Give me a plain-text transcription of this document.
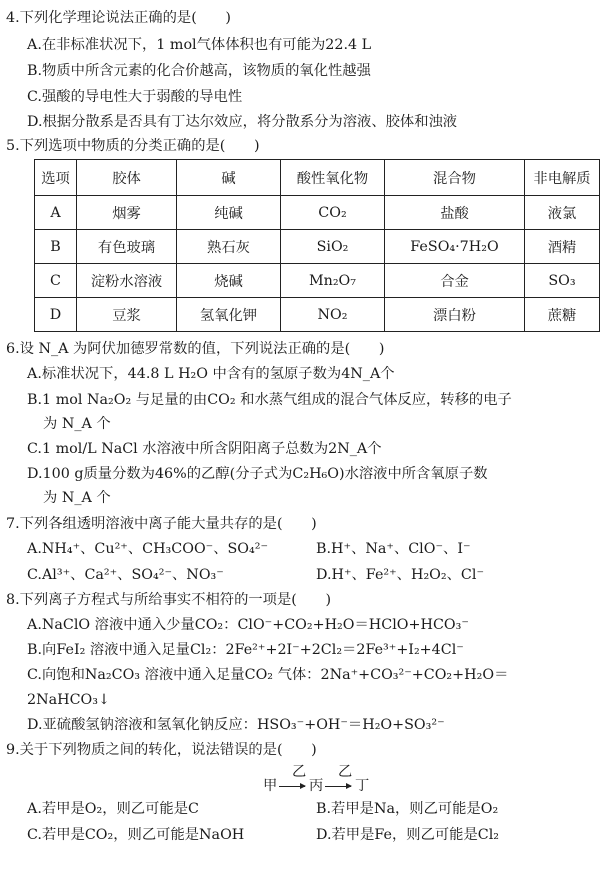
4.下列化学理论说法正确的是(　　)
A.在非标准状况下，1 mol气体体积也有可能为22.4 L
B.物质中所含元素的化合价越高，该物质的氧化性越强
C.强酸的导电性大于弱酸的导电性
D.根据分散系是否具有丁达尔效应，将分散系分为溶液、胶体和浊液
5.下列选项中物质的分类正确的是(　　)
选项	胶体	碱	酸性氧化物	混合物	非电解质
A	烟雾	纯碱	CO₂	盐酸	液氯
B	有色玻璃	熟石灰	SiO₂	FeSO₄·7H₂O	酒精
C	淀粉水溶液	烧碱	Mn₂O₇	合金	SO₃
D	豆浆	氢氧化钾	NO₂	漂白粉	蔗糖
6.设 N_A 为阿伏加德罗常数的值，下列说法正确的是(　　)
A.标准状况下，44.8 L H₂O 中含有的氢原子数为4N_A个
B.1 mol Na₂O₂ 与足量的由CO₂ 和水蒸气组成的混合气体反应，转移的电子
为 N_A 个
C.1 mol/L NaCl 水溶液中所含阴阳离子总数为2N_A个
D.100 g质量分数为46%的乙醇(分子式为C₂H₆O)水溶液中所含氧原子数
为 N_A 个
7.下列各组透明溶液中离子能大量共存的是(　　)
A.NH₄⁺、Cu²⁺、CH₃COO⁻、SO₄²⁻	B.H⁺、Na⁺、ClO⁻、I⁻
C.Al³⁺、Ca²⁺、SO₄²⁻、NO₃⁻	D.H⁺、Fe²⁺、H₂O₂、Cl⁻
8.下列离子方程式与所给事实不相符的一项是(　　)
A.NaClO 溶液中通入少量CO₂：ClO⁻+CO₂+H₂O＝HClO+HCO₃⁻
B.向FeI₂ 溶液中通入足量Cl₂：2Fe²⁺+2I⁻+2Cl₂＝2Fe³⁺+I₂+4Cl⁻
C.向饱和Na₂CO₃ 溶液中通入足量CO₂ 气体：2Na⁺+CO₃²⁻+CO₂+H₂O＝
2NaHCO₃↓
D.亚硫酸氢钠溶液和氢氧化钠反应：HSO₃⁻+OH⁻＝H₂O+SO₃²⁻
9.关于下列物质之间的转化，说法错误的是(　　)
甲
乙
丙
乙
丁
A.若甲是O₂，则乙可能是C	B.若甲是Na，则乙可能是O₂
C.若甲是CO₂，则乙可能是NaOH	D.若甲是Fe，则乙可能是Cl₂
